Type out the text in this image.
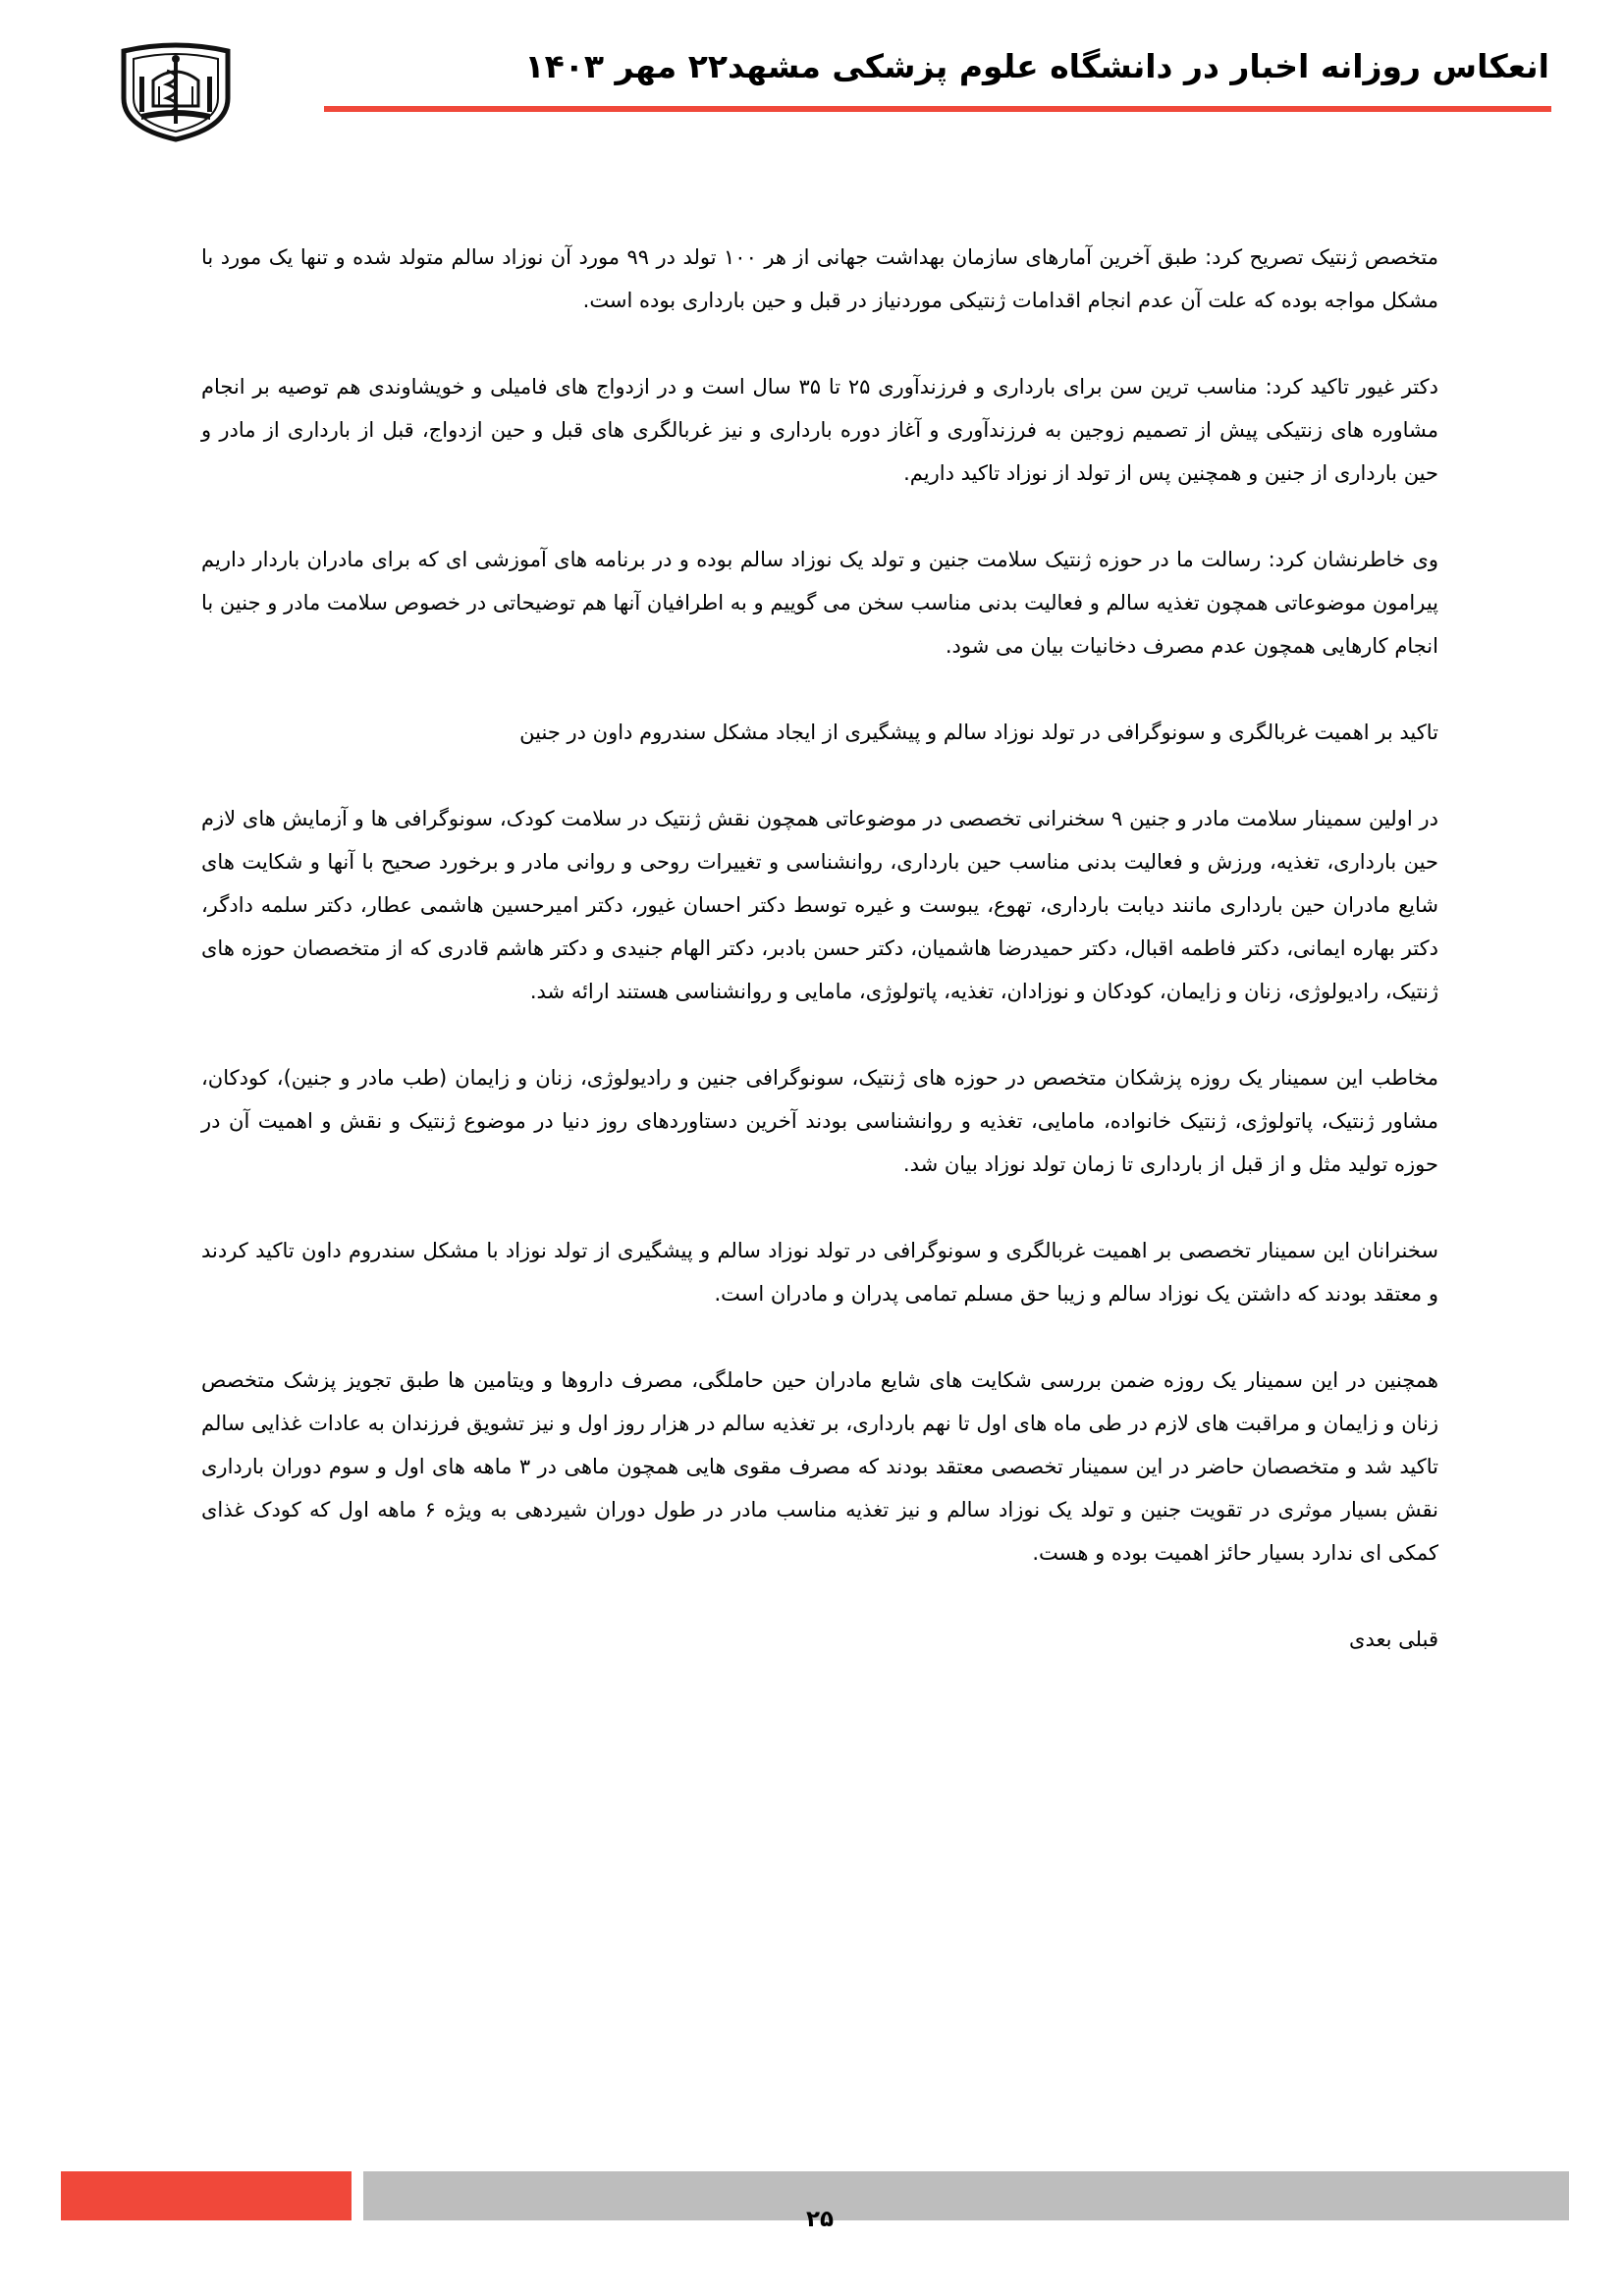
انعکاس روزانه اخبار در دانشگاه علوم پزشکی مشهد۲۲ مهر ۱۴۰۳

متخصص ژنتیک تصریح کرد: طبق آخرین آمارهای سازمان بهداشت جهانی از هر ۱۰۰ تولد در ۹۹ مورد آن نوزاد سالم متولد شده و تنها یک مورد با مشکل مواجه بوده که علت آن عدم انجام اقدامات ژنتیکی موردنیاز در قبل و حین بارداری بوده است.

دکتر غیور تاکید کرد: مناسب ترین سن برای بارداری و فرزندآوری ۲۵ تا ۳۵ سال است و در ازدواج های فامیلی و خویشاوندی هم توصیه بر انجام مشاوره های زنتیکی پیش از تصمیم زوجین به فرزندآوری و آغاز دوره بارداری و نیز غربالگری های قبل و حین ازدواج، قبل از بارداری از مادر و حین بارداری از جنین و همچنین پس از تولد از نوزاد تاکید داریم.

وی خاطرنشان کرد: رسالت ما در حوزه ژنتیک سلامت جنین و تولد یک نوزاد سالم بوده و در برنامه های آموزشی ای که برای مادران باردار داریم پیرامون موضوعاتی همچون تغذیه سالم و فعالیت بدنی مناسب سخن می گوییم و به اطرافیان آنها هم توضیحاتی در خصوص سلامت مادر و جنین با انجام کارهایی همچون عدم مصرف دخانیات بیان می شود.

تاکید بر اهمیت غربالگری و سونوگرافی در تولد نوزاد سالم و پیشگیری از ایجاد مشکل سندروم داون در جنین

در اولین سمینار سلامت مادر و جنین ۹ سخنرانی تخصصی در موضوعاتی همچون نقش ژنتیک در سلامت کودک، سونوگرافی ها و آزمایش های لازم حین بارداری، تغذیه، ورزش و فعالیت بدنی مناسب حین بارداری، روانشناسی و تغییرات روحی و روانی مادر و برخورد صحیح با آنها و شکایت های شایع مادران حین بارداری مانند دیابت بارداری، تهوع، یبوست و غیره توسط دکتر احسان غیور، دکتر امیرحسین هاشمی عطار، دکتر سلمه دادگر، دکتر بهاره ایمانی، دکتر فاطمه اقبال، دکتر حمیدرضا هاشمیان، دکتر حسن بادبر، دکتر الهام جنیدی و دکتر هاشم قادری که از متخصصان حوزه های ژنتیک، رادیولوژی، زنان و زایمان، کودکان و نوزادان، تغذیه، پاتولوژی، مامایی و روانشناسی هستند ارائه شد.

مخاطب این سمینار یک روزه پزشکان متخصص در حوزه های ژنتیک، سونوگرافی جنین و رادیولوژی، زنان و زایمان (طب مادر و جنین)، کودکان، مشاور ژنتیک، پاتولوژی، ژنتیک خانواده، مامایی، تغذیه و روانشناسی بودند آخرین دستاوردهای روز دنیا در موضوع ژنتیک و نقش و اهمیت آن در حوزه تولید مثل و از قبل از بارداری تا زمان تولد نوزاد بیان شد.

سخنرانان این سمینار تخصصی بر اهمیت غربالگری و سونوگرافی در تولد نوزاد سالم و پیشگیری از تولد نوزاد با مشکل سندروم داون تاکید کردند و معتقد بودند که داشتن یک نوزاد سالم و زیبا حق مسلم تمامی پدران و مادران است.

همچنین در این سمینار یک روزه ضمن بررسی شکایت های شایع مادران حین حاملگی، مصرف داروها و ویتامین ها طبق تجویز پزشک متخصص زنان و زایمان و مراقبت های لازم در طی ماه های اول تا نهم بارداری، بر تغذیه سالم در هزار روز اول و نیز تشویق فرزندان به عادات غذایی سالم تاکید شد و متخصصان حاضر در این سمینار تخصصی معتقد بودند که مصرف مقوی هایی همچون ماهی در ۳ ماهه های اول و سوم دوران بارداری نقش بسیار موثری در تقویت جنین و تولد یک نوزاد سالم و نیز تغذیه مناسب مادر در طول دوران شیردهی به ویژه ۶ ماهه اول که کودک غذای کمکی ای ندارد بسیار حائز اهمیت بوده و هست.

قبلی بعدی

۲۵
